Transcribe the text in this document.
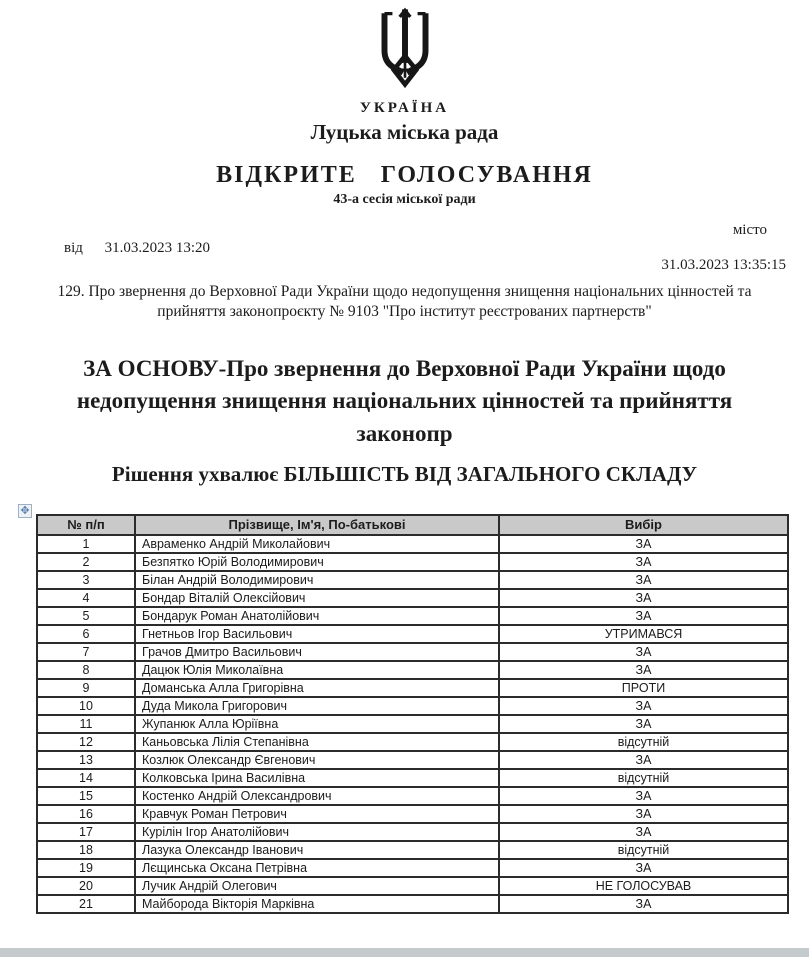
УКРАЇНА
Луцька міська рада
ВІДКРИТЕ ГОЛОСУВАННЯ
43-а сесія міської ради
місто
від 31.03.2023 13:20
31.03.2023 13:35:15

129. Про звернення до Верховної Ради України щодо недопущення знищення національних цінностей та прийняття законопроєкту № 9103 "Про інститут реєстрованих партнерств"

ЗА ОСНОВУ-Про звернення до Верховної Ради України щодо недопущення знищення національних цінностей та прийняття законопр
Рішення ухвалює БІЛЬШІСТЬ ВІД ЗАГАЛЬНОГО СКЛАДУ
✥
№ п/п	Прізвище, Ім'я, По-батькові	Вибір
1	Авраменко Андрій Миколайович	ЗА
2	Безпятко Юрій Володимирович	ЗА
3	Білан Андрій Володимирович	ЗА
4	Бондар Віталій Олексійович	ЗА
5	Бондарук Роман Анатолійович	ЗА
6	Гнетньов Ігор Васильович	УТРИМАВСЯ
7	Грачов Дмитро Васильович	ЗА
8	Дацюк Юлія Миколаївна	ЗА
9	Доманська Алла Григорівна	ПРОТИ
10	Дуда Микола Григорович	ЗА
11	Жупанюк Алла Юріївна	ЗА
12	Каньовська Лілія Степанівна	відсутній
13	Козлюк Олександр Євгенович	ЗА
14	Колковська Ірина Василівна	відсутній
15	Костенко Андрій Олександрович	ЗА
16	Кравчук Роман Петрович	ЗА
17	Курілін Ігор Анатолійович	ЗА
18	Лазука Олександр Іванович	відсутній
19	Лєщинська Оксана Петрівна	ЗА
20	Лучик Андрій Олегович	НЕ ГОЛОСУВАВ
21	Майборода Вікторія Марківна	ЗА
